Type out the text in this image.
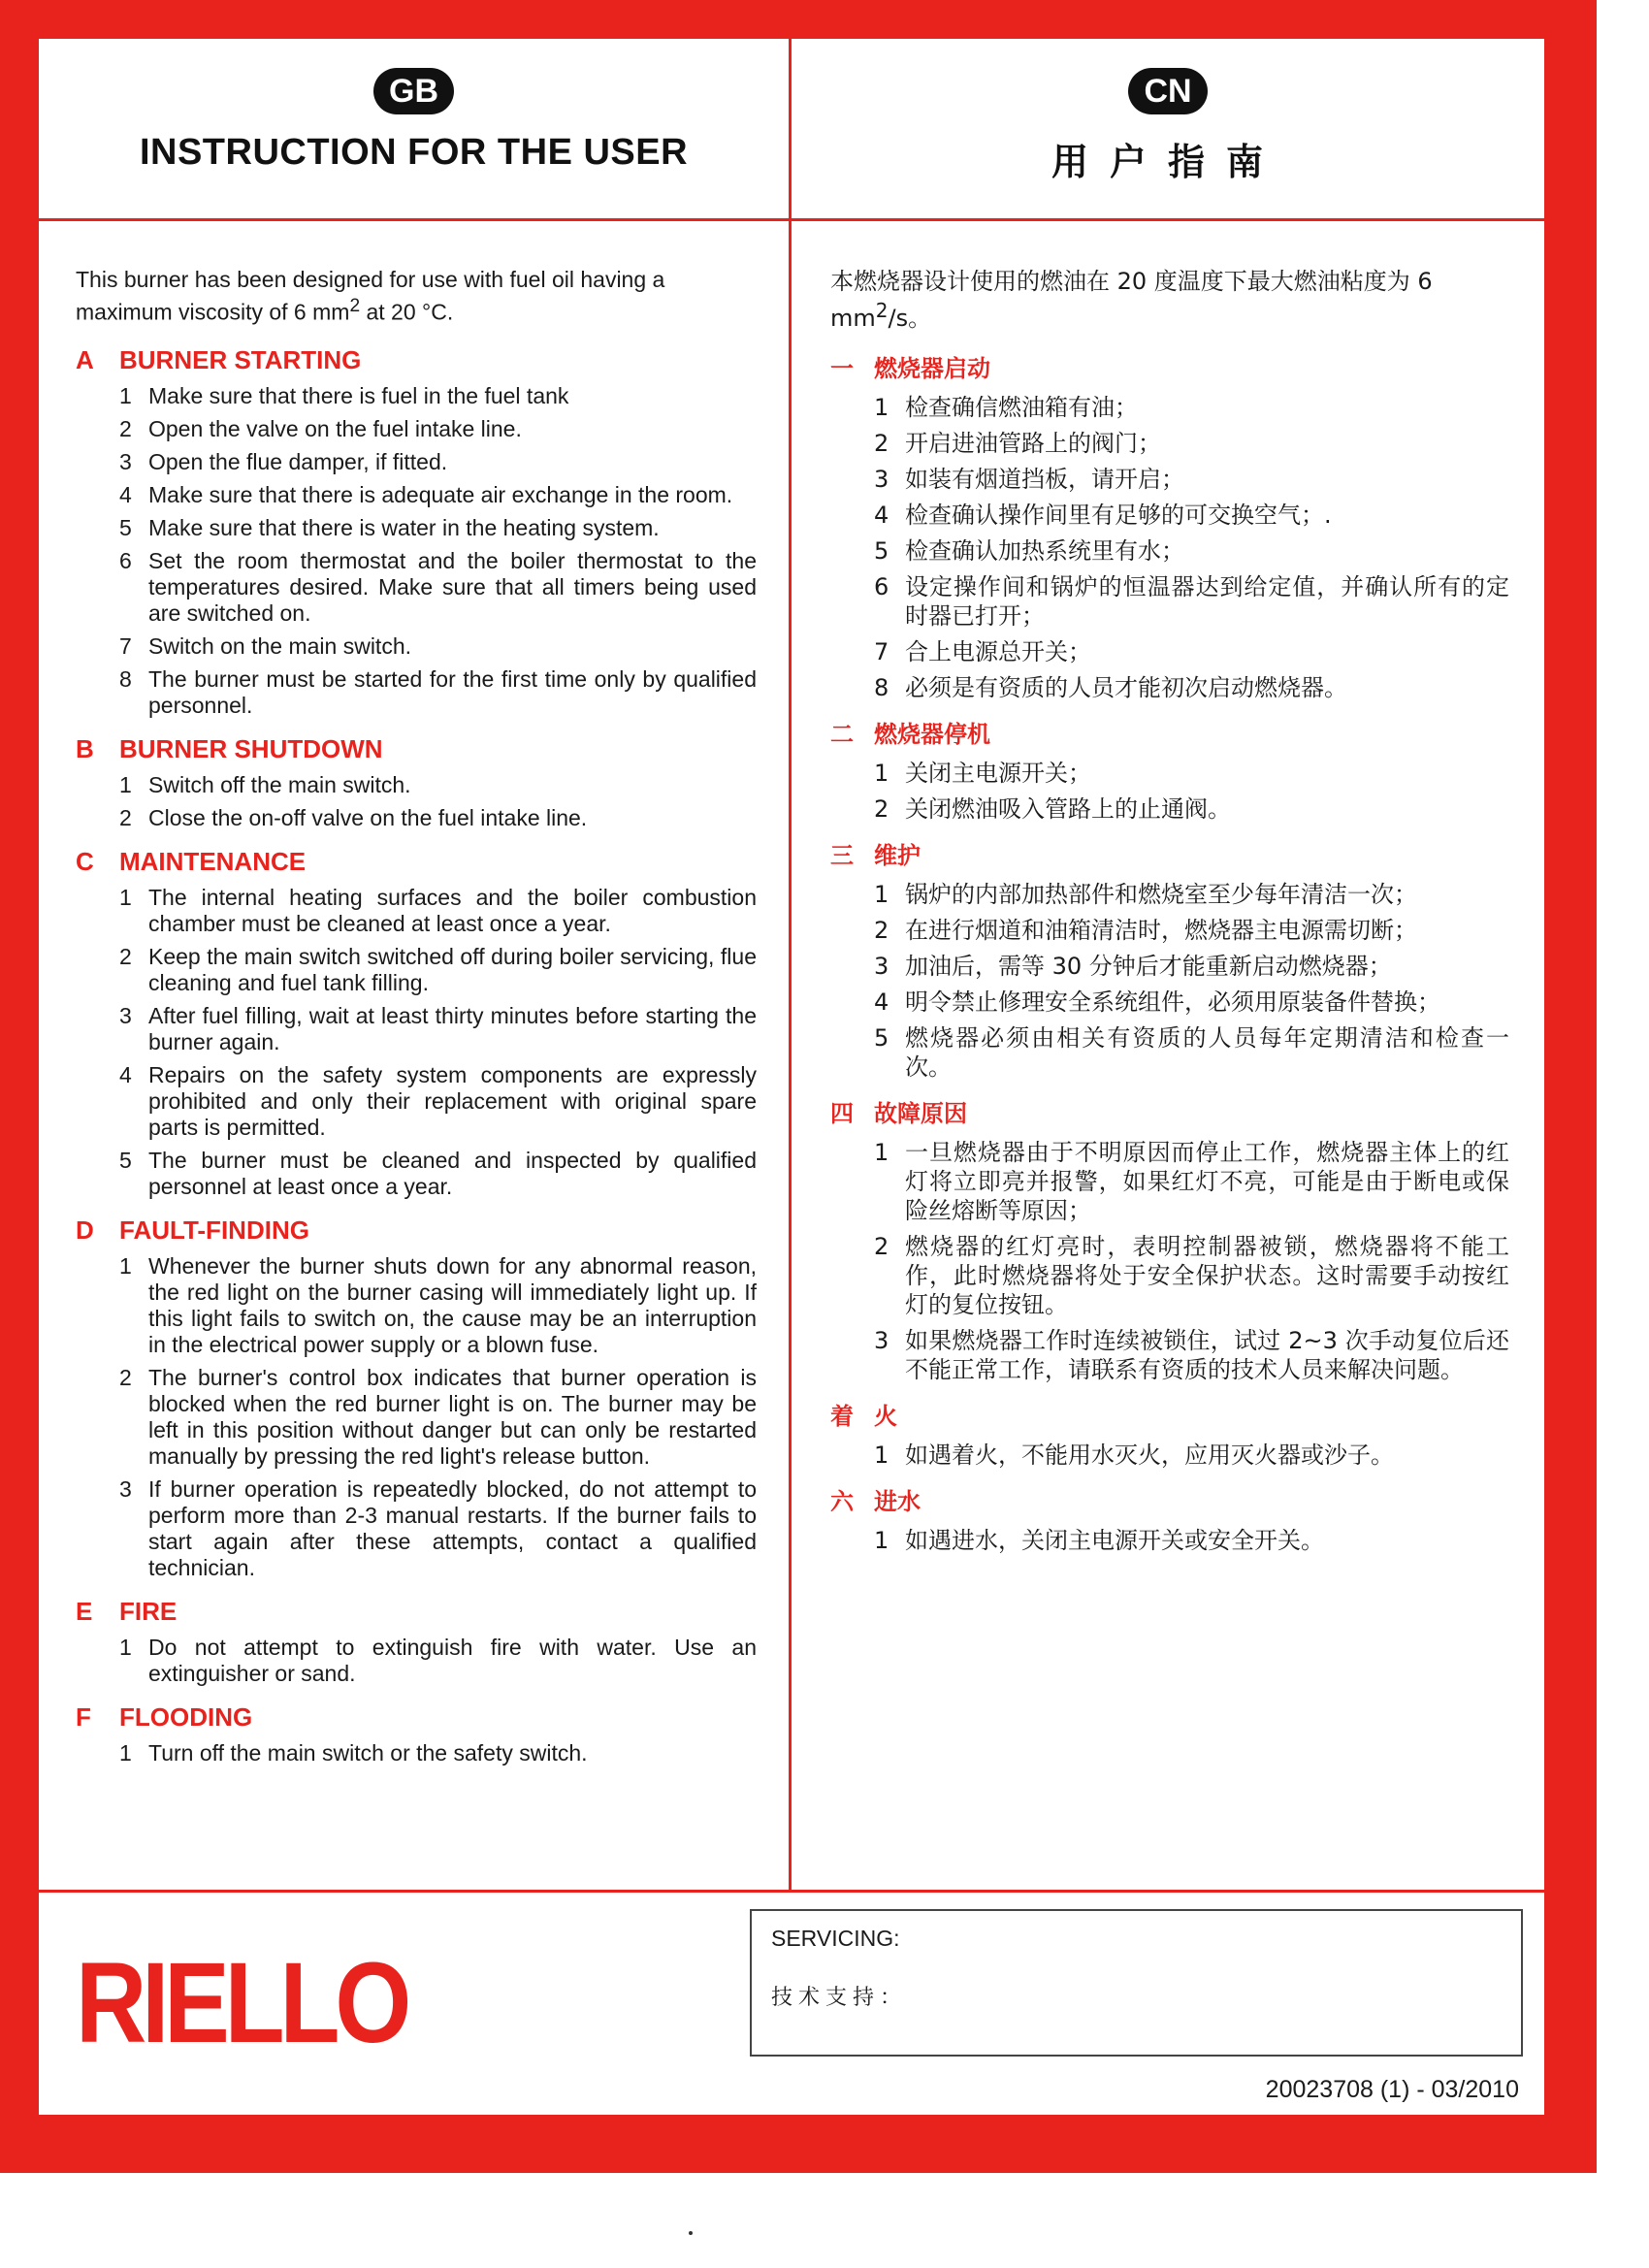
GB
INSTRUCTION FOR THE USER

This burner has been designed for use with fuel oil having a maximum viscosity of 6 $mm^2$ at 20 °C.

A	BURNER STARTING
1 Make sure that there is fuel in the fuel tank
2 Open the valve on the fuel intake line.
3 Open the flue damper, if fitted.
4 Make sure that there is adequate air exchange in the room.
5 Make sure that there is water in the heating system.
6 Set the room thermostat and the boiler thermostat to the temperatures desired. Make sure that all timers being used are switched on.
7 Switch on the main switch.
8 The burner must be started for the first time only by qualified personnel.
B	BURNER SHUTDOWN
1 Switch off the main switch.
2 Close the on-off valve on the fuel intake line.
C	MAINTENANCE
1 The internal heating surfaces and the boiler combustion chamber must be cleaned at least once a year.
2 Keep the main switch switched off during boiler servicing, flue cleaning and fuel tank filling.
3 After fuel filling, wait at least thirty minutes before starting the burner again.
4 Repairs on the safety system components are expressly prohibited and only their replacement with original spare parts is permitted.
5 The burner must be cleaned and inspected by qualified personnel at least once a year.
D	FAULT-FINDING
1 Whenever the burner shuts down for any abnormal reason, the red light on the burner casing will immediately light up. If this light fails to switch on, the cause may be an interruption in the electrical power supply or a blown fuse.
2 The burner's control box indicates that burner operation is blocked when the red burner light is on. The burner may be left in this position without danger but can only be restarted manually by pressing the red light's release button.
3 If burner operation is repeatedly blocked, do not attempt to perform more than 2-3 manual restarts. If the burner fails to start again after these attempts, contact a qualified technician.
E	FIRE
1 Do not attempt to extinguish fire with water. Use an extinguisher or sand.
F	FLOODING
1 Turn off the main switch or the safety switch.
CN
用户指南

本燃烧器设计使用的燃油在 20 度温度下最大燃油粘度为 6 $mm^2/s$。

一 燃烧器启动
1 检查确信燃油箱有油；
2 开启进油管路上的阀门；
3 如装有烟道挡板，请开启；
4 检查确认操作间里有足够的可交换空气；.
5 检查确认加热系统里有水；
6 设定操作间和锅炉的恒温器达到给定值，并确认所有的定时器已打开；
7 合上电源总开关；
8 必须是有资质的人员才能初次启动燃烧器。
二 燃烧器停机
1 关闭主电源开关；
2 关闭燃油吸入管路上的止通阀。
三 维护
1 锅炉的内部加热部件和燃烧室至少每年清洁一次；
2 在进行烟道和油箱清洁时，燃烧器主电源需切断；
3 加油后，需等 30 分钟后才能重新启动燃烧器；
4 明令禁止修理安全系统组件，必须用原装备件替换；
5 燃烧器必须由相关有资质的人员每年定期清洁和检查一次。
四 故障原因
1 一旦燃烧器由于不明原因而停止工作，燃烧器主体上的红灯将立即亮并报警，如果红灯不亮，可能是由于断电或保险丝熔断等原因；
2 燃烧器的红灯亮时，表明控制器被锁，燃烧器将不能工作，此时燃烧器将处于安全保护状态。这时需要手动按红灯的复位按钮。
3 如果燃烧器工作时连续被锁住，试过 2~3 次手动复位后还不能正常工作，请联系有资质的技术人员来解决问题。
着 火
1 如遇着火，不能用水灭火，应用灭火器或沙子。
六 进水
1 如遇进水，关闭主电源开关或安全开关。
RIELLO
SERVICING:
技术支持：
20023708 (1) - 03/2010
